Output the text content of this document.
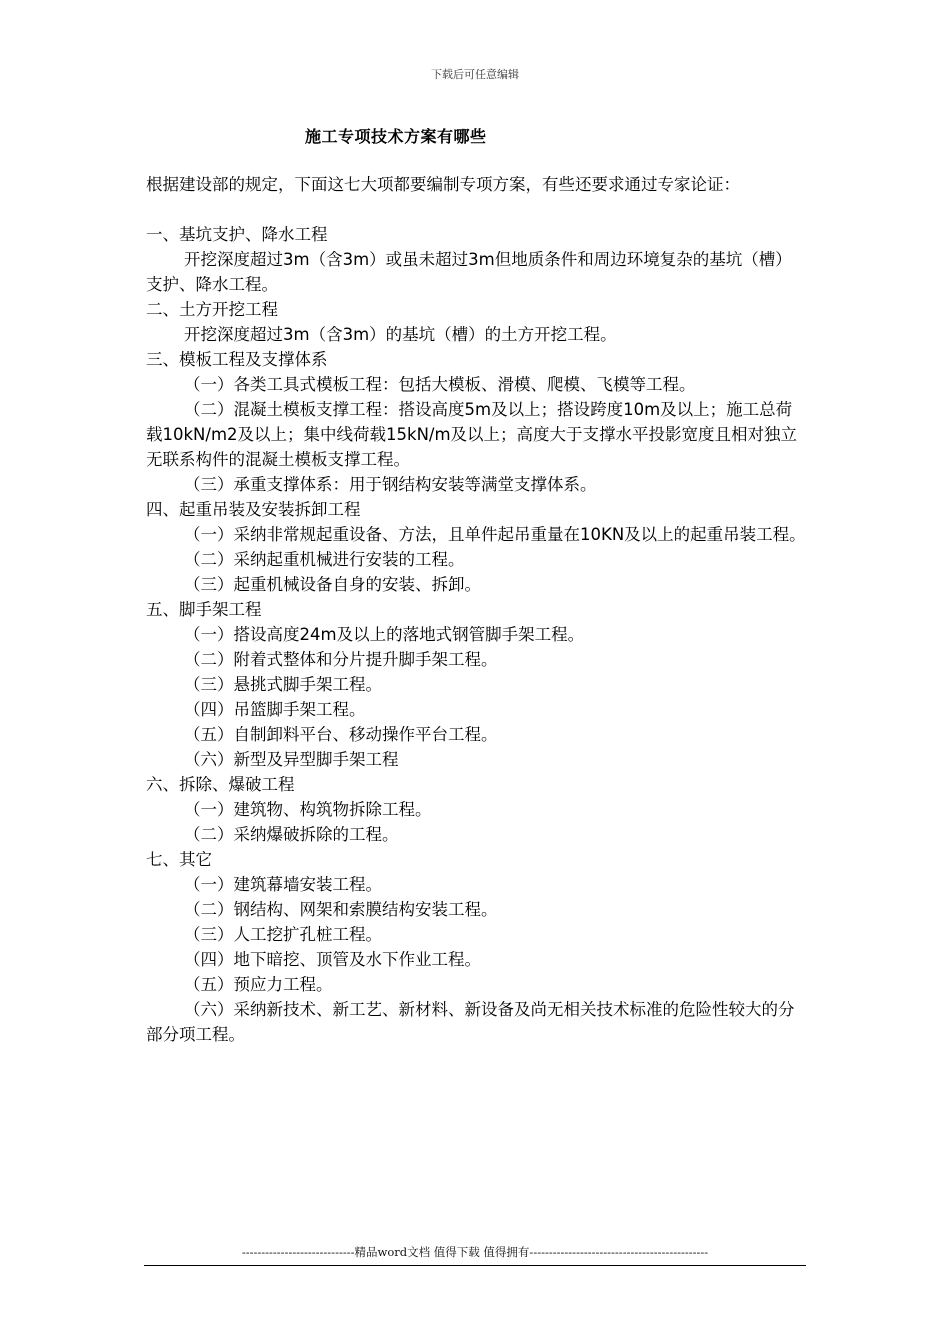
下载后可任意编辑
施工专项技术方案有哪些

根据建设部的规定，下面这七大项都要编制专项方案，有些还要求通过专家论证：

一、基坑支护、降水工程

开挖深度超过3m（含3m）或虽未超过3m但地质条件和周边环境复杂的基坑（槽）支护、降水工程。

二、土方开挖工程

开挖深度超过3m（含3m）的基坑（槽）的土方开挖工程。

三、模板工程及支撑体系

（一）各类工具式模板工程：包括大模板、滑模、爬模、飞模等工程。

（二）混凝土模板支撑工程：搭设高度5m及以上；搭设跨度10m及以上；施工总荷载10kN/m2及以上；集中线荷载15kN/m及以上；高度大于支撑水平投影宽度且相对独立无联系构件的混凝土模板支撑工程。

（三）承重支撑体系：用于钢结构安装等满堂支撑体系。

四、起重吊装及安装拆卸工程

（一）采纳非常规起重设备、方法，且单件起吊重量在10KN及以上的起重吊装工程。

（二）采纳起重机械进行安装的工程。

（三）起重机械设备自身的安装、拆卸。

五、脚手架工程

（一）搭设高度24m及以上的落地式钢管脚手架工程。

（二）附着式整体和分片提升脚手架工程。

（三）悬挑式脚手架工程。

（四）吊篮脚手架工程。

（五）自制卸料平台、移动操作平台工程。

（六）新型及异型脚手架工程

六、拆除、爆破工程

（一）建筑物、构筑物拆除工程。

（二）采纳爆破拆除的工程。

七、其它

（一）建筑幕墙安装工程。

（二）钢结构、网架和索膜结构安装工程。

（三）人工挖扩孔桩工程。

（四）地下暗挖、顶管及水下作业工程。

（五）预应力工程。

（六）采纳新技术、新工艺、新材料、新设备及尚无相关技术标准的危险性较大的分部分项工程。

-----------------------------精品word文档 值得下载 值得拥有----------------------------------------------
